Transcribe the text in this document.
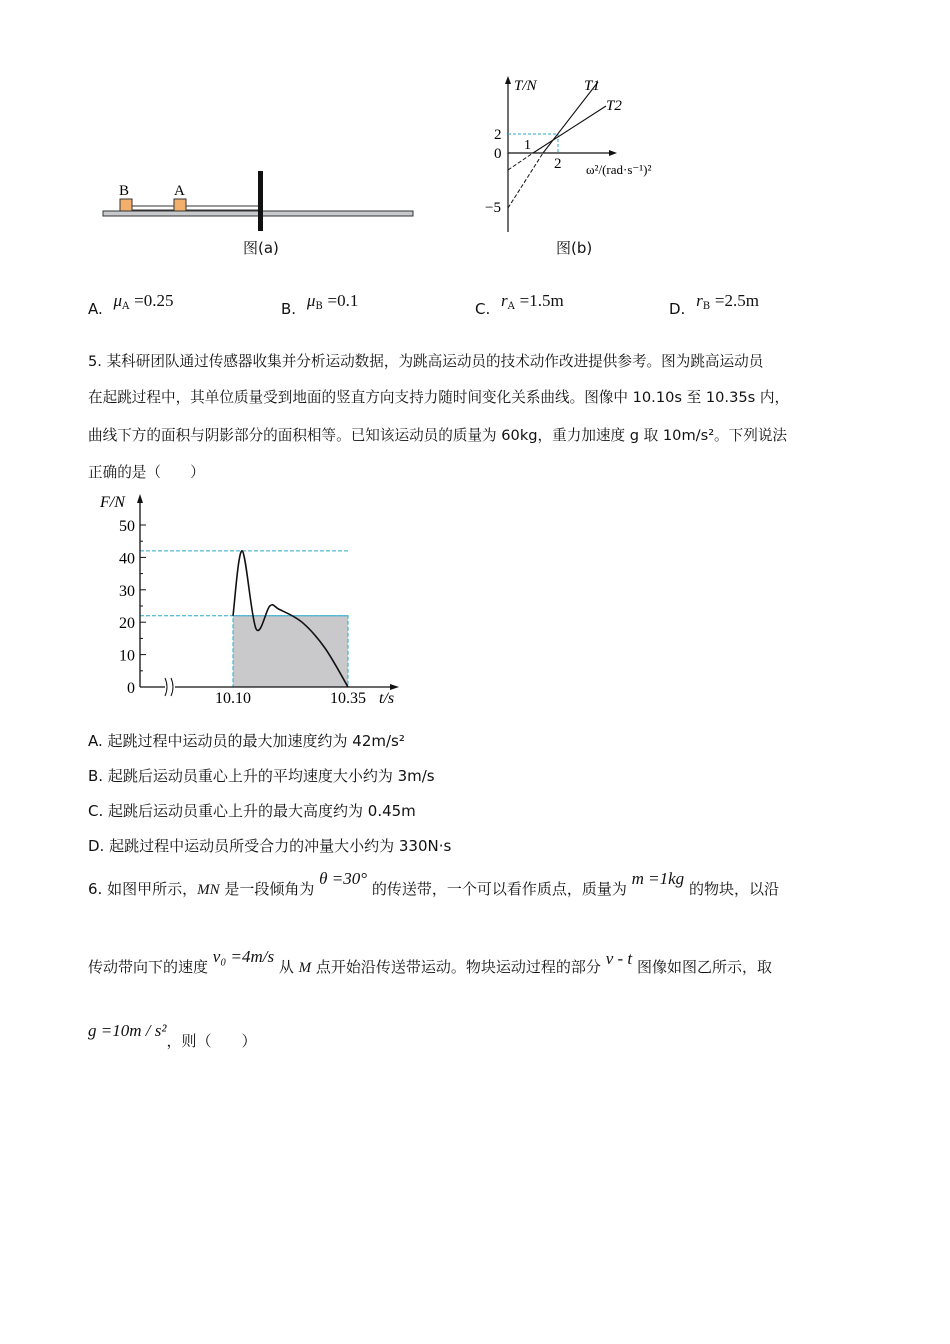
B	A
图(a)
T/N	T1
T2
2
0
−5
1
2 ω²/(rad·s⁻¹)²
图(b)
A. $\mu_A =0.25$	B. $\mu_B =0.1$	C. $r_A =1.5m$	D. $r_B =2.5m$
5. 某科研团队通过传感器收集并分析运动数据，为跳高运动员的技术动作改进提供参考。图为跳高运动员
在起跳过程中，其单位质量受到地面的竖直方向支持力随时间变化关系曲线。图像中 10.10s 至 10.35s 内，
曲线下方的面积与阴影部分的面积相等。已知该运动员的质量为 60kg，重力加速度 g 取 10m/s²。下列说法
正确的是（　　）
0
10
20
30
40
50
10.10	10.35
F/N
t/s
A. 起跳过程中运动员的最大加速度约为 42m/s²
B. 起跳后运动员重心上升的平均速度大小约为 3m/s
C. 起跳后运动员重心上升的最大高度约为 0.45m
D. 起跳过程中运动员所受合力的冲量大小约为 330N·s
6. 如图甲所示，MN 是一段倾角为 θ =30° 的传送带，一个可以看作质点，质量为 m =1kg 的物块，以沿
传动带向下的速度 v₀ =4m/s 从 M 点开始沿传送带运动。物块运动过程的部分 v - t 图像如图乙所示，取
g =10m / s²，则（　　）
